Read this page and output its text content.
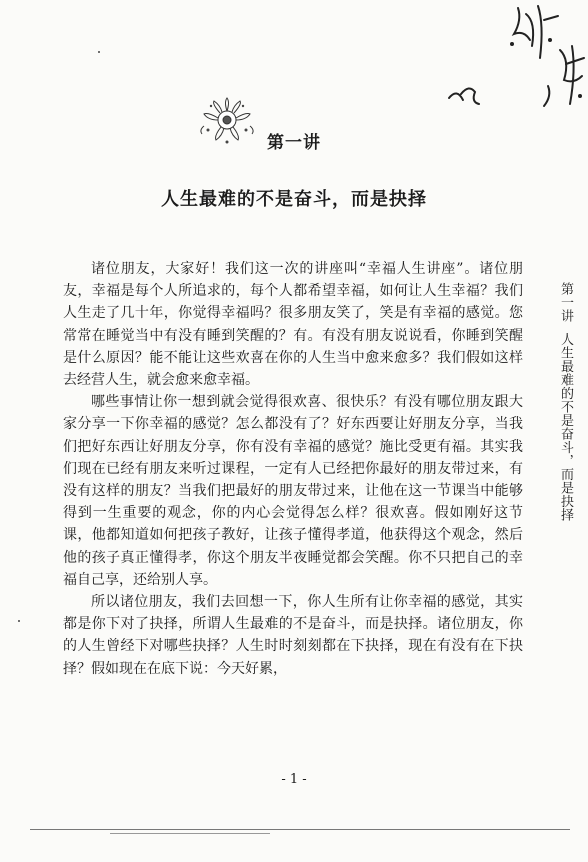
第一讲
人生最难的不是奋斗，而是抉择

诸位朋友，大家好！我们这一次的讲座叫“幸福人生讲座”。诸位朋友，幸福是每个人所追求的，每个人都希望幸福，如何让人生幸福？我们人生走了几十年，你觉得幸福吗？很多朋友笑了，笑是有幸福的感觉。您常常在睡觉当中有没有睡到笑醒的？有。有没有朋友说说看，你睡到笑醒是什么原因？能不能让这些欢喜在你的人生当中愈来愈多？我们假如这样去经营人生，就会愈来愈幸福。

哪些事情让你一想到就会觉得很欢喜、很快乐？有没有哪位朋友跟大家分享一下你幸福的感觉？怎么都没有了？好东西要让好朋友分享，当我们把好东西让好朋友分享，你有没有幸福的感觉？施比受更有福。其实我们现在已经有朋友来听过课程，一定有人已经把你最好的朋友带过来，有没有这样的朋友？当我们把最好的朋友带过来，让他在这一节课当中能够得到一生重要的观念，你的内心会觉得怎么样？很欢喜。假如刚好这节课，他都知道如何把孩子教好，让孩子懂得孝道，他获得这个观念，然后他的孩子真正懂得孝，你这个朋友半夜睡觉都会笑醒。你不只把自己的幸福自己享，还给别人享。

所以诸位朋友，我们去回想一下，你人生所有让你幸福的感觉，其实都是你下对了抉择，所谓人生最难的不是奋斗，而是抉择。诸位朋友，你的人生曾经下对哪些抉择？人生时时刻刻都在下抉择，现在有没有在下抉择？假如现在在底下说：今天好累，

第一讲人生最难的不是奋斗，而是抉择
- 1 -
